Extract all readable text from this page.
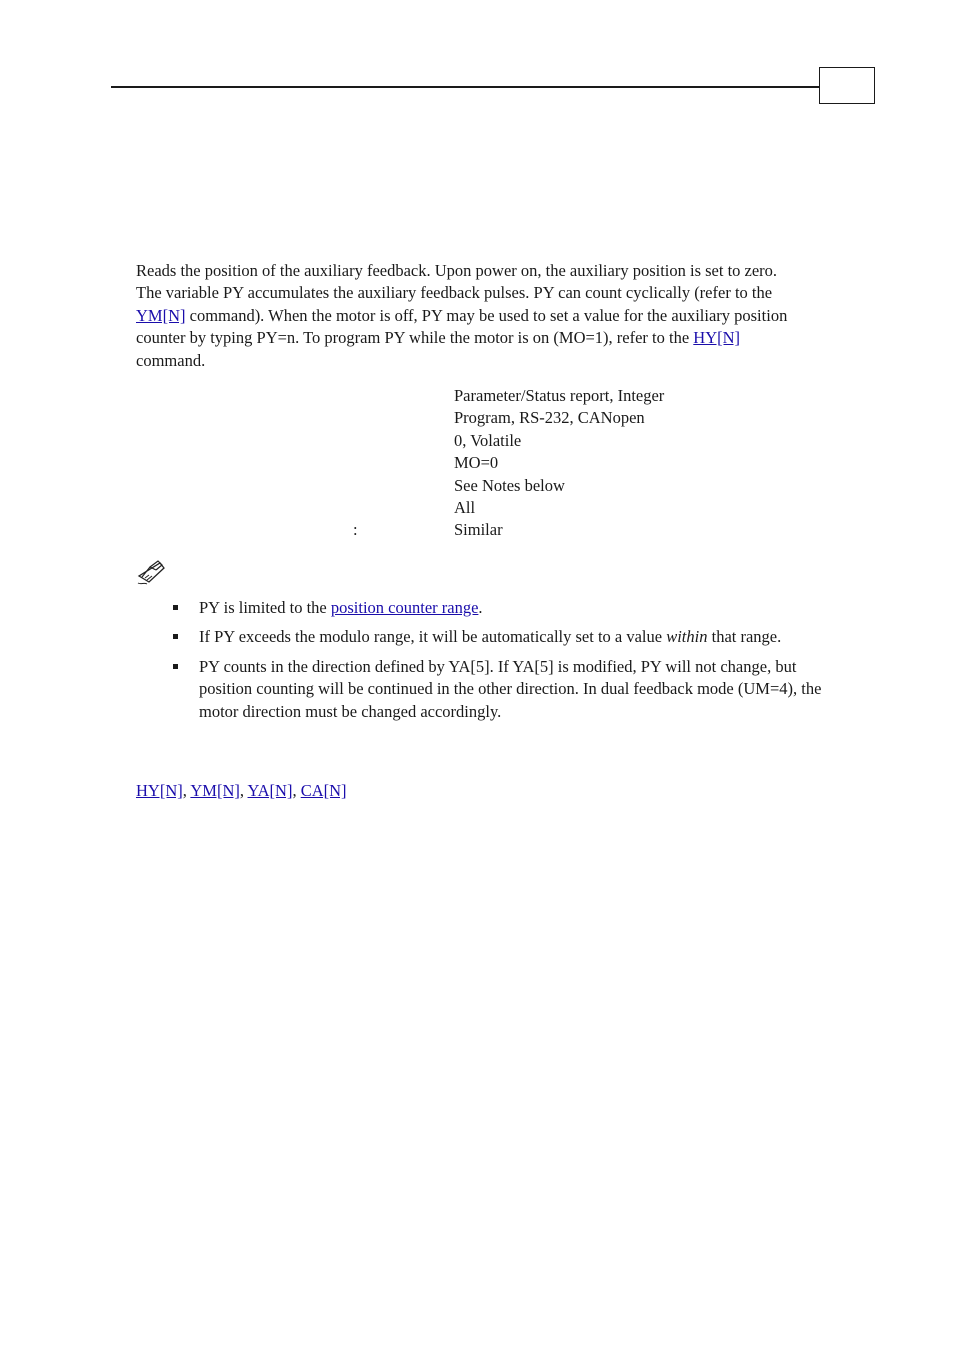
Reads the position of the auxiliary feedback. Upon power on, the auxiliary position is set to zero. The variable PY accumulates the auxiliary feedback pulses. PY can count cyclically (refer to the YM[N] command). When the motor is off, PY may be used to set a value for the auxiliary position counter by typing PY=n. To program PY while the motor is on (MO=1), refer to the HY[N] command.

Parameter/Status report, Integer
Program, RS-232, CANopen
0, Volatile
MO=0
See Notes below
All
Similar
:
PY is limited to the position counter range.
If PY exceeds the modulo range, it will be automatically set to a value within that range.
PY counts in the direction defined by YA[5]. If YA[5] is modified, PY will not change, but position counting will be continued in the other direction. In dual feedback mode (UM=4), the motor direction must be changed accordingly.
HY[N], YM[N], YA[N], CA[N]
